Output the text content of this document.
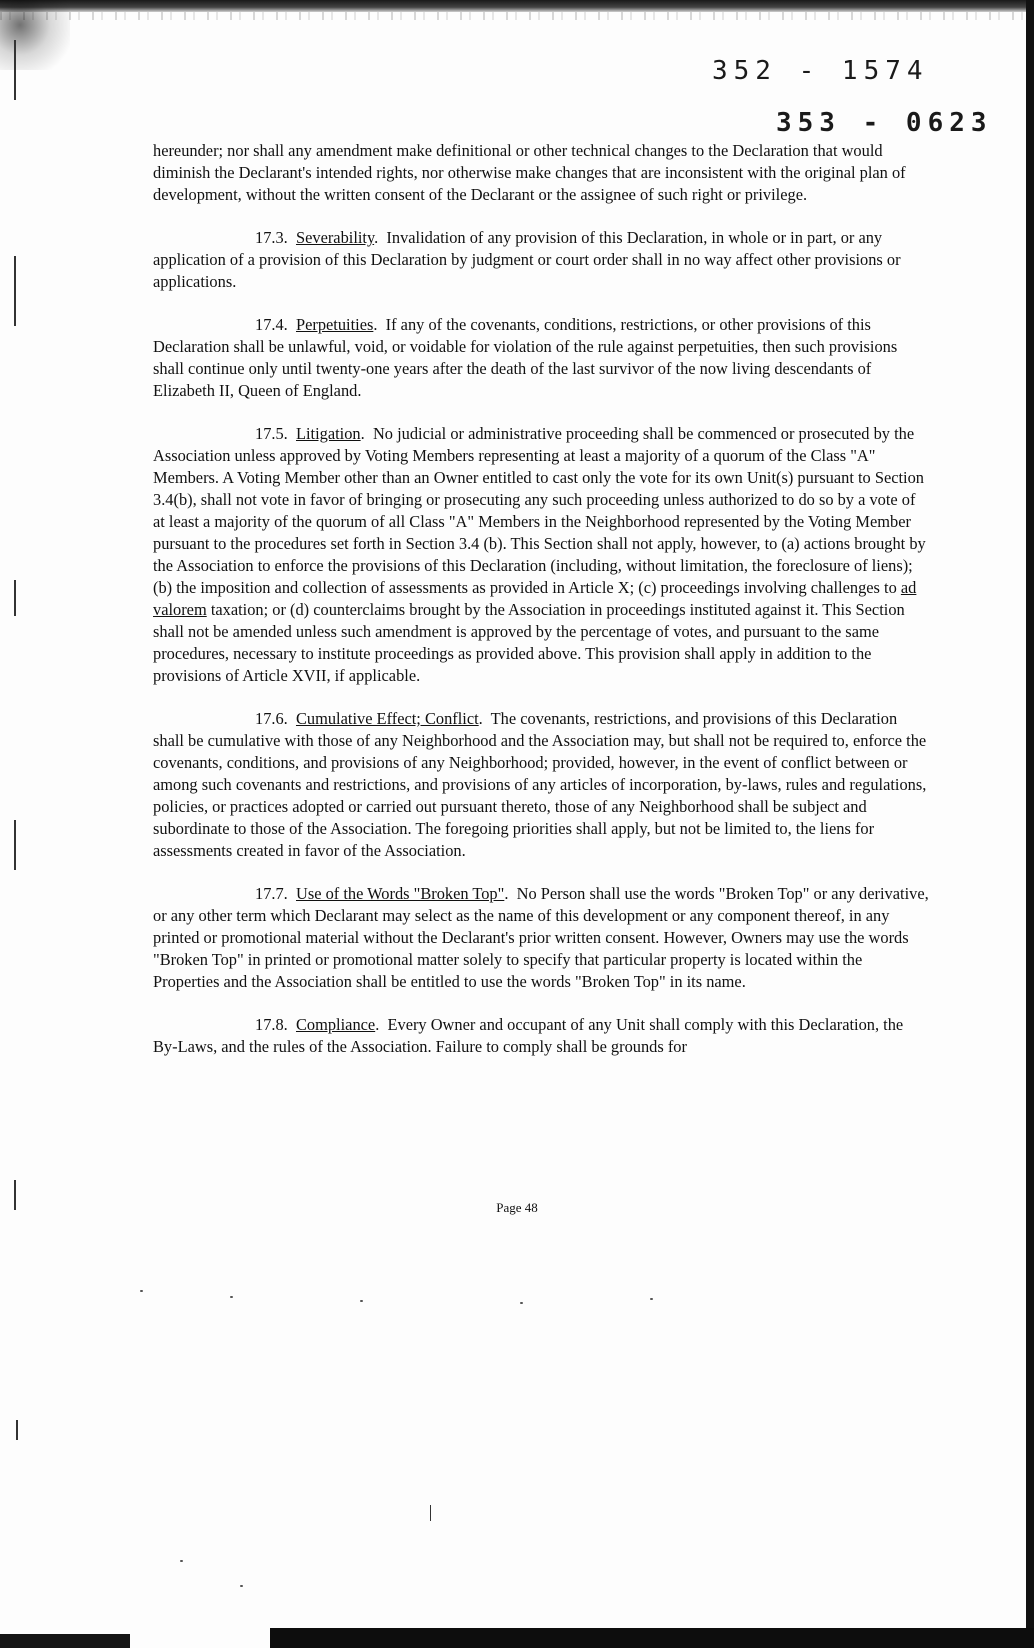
352 - 1574
353 - 0623

hereunder; nor shall any amendment make definitional or other technical changes to the Declaration that would diminish the Declarant's intended rights, nor otherwise make changes that are inconsistent with the original plan of development, without the written consent of the Declarant or the assignee of such right or privilege.

17.3. Severability.  Invalidation of any provision of this Declaration, in whole or in part, or any application of a provision of this Declaration by judgment or court order shall in no way affect other provisions or applications.

17.4. Perpetuities.  If any of the covenants, conditions, restrictions, or other provisions of this Declaration shall be unlawful, void, or voidable for violation of the rule against perpetuities, then such provisions shall continue only until twenty-one years after the death of the last survivor of the now living descendants of Elizabeth II, Queen of England.

17.5. Litigation.  No judicial or administrative proceeding shall be commenced or prosecuted by the Association unless approved by Voting Members representing at least a majority of a quorum of the Class "A" Members. A Voting Member other than an Owner entitled to cast only the vote for its own Unit(s) pursuant to Section 3.4(b), shall not vote in favor of bringing or prosecuting any such proceeding unless authorized to do so by a vote of at least a majority of the quorum of all Class "A" Members in the Neighborhood represented by the Voting Member pursuant to the procedures set forth in Section 3.4 (b). This Section shall not apply, however, to (a) actions brought by the Association to enforce the provisions of this Declaration (including, without limitation, the foreclosure of liens); (b) the imposition and collection of assessments as provided in Article X; (c) proceedings involving challenges to ad valorem taxation; or (d) counterclaims brought by the Association in proceedings instituted against it. This Section shall not be amended unless such amendment is approved by the percentage of votes, and pursuant to the same procedures, necessary to institute proceedings as provided above. This provision shall apply in addition to the provisions of Article XVII, if applicable.

17.6. Cumulative Effect; Conflict.  The covenants, restrictions, and provisions of this Declaration shall be cumulative with those of any Neighborhood and the Association may, but shall not be required to, enforce the covenants, conditions, and provisions of any Neighborhood; provided, however, in the event of conflict between or among such covenants and restrictions, and provisions of any articles of incorporation, by-laws, rules and regulations, policies, or practices adopted or carried out pursuant thereto, those of any Neighborhood shall be subject and subordinate to those of the Association. The foregoing priorities shall apply, but not be limited to, the liens for assessments created in favor of the Association.

17.7. Use of the Words "Broken Top".  No Person shall use the words "Broken Top" or any derivative, or any other term which Declarant may select as the name of this development or any component thereof, in any printed or promotional material without the Declarant's prior written consent. However, Owners may use the words "Broken Top" in printed or promotional matter solely to specify that particular property is located within the Properties and the Association shall be entitled to use the words "Broken Top" in its name.

17.8. Compliance.  Every Owner and occupant of any Unit shall comply with this Declaration, the By-Laws, and the rules of the Association. Failure to comply shall be grounds for

Page 48
